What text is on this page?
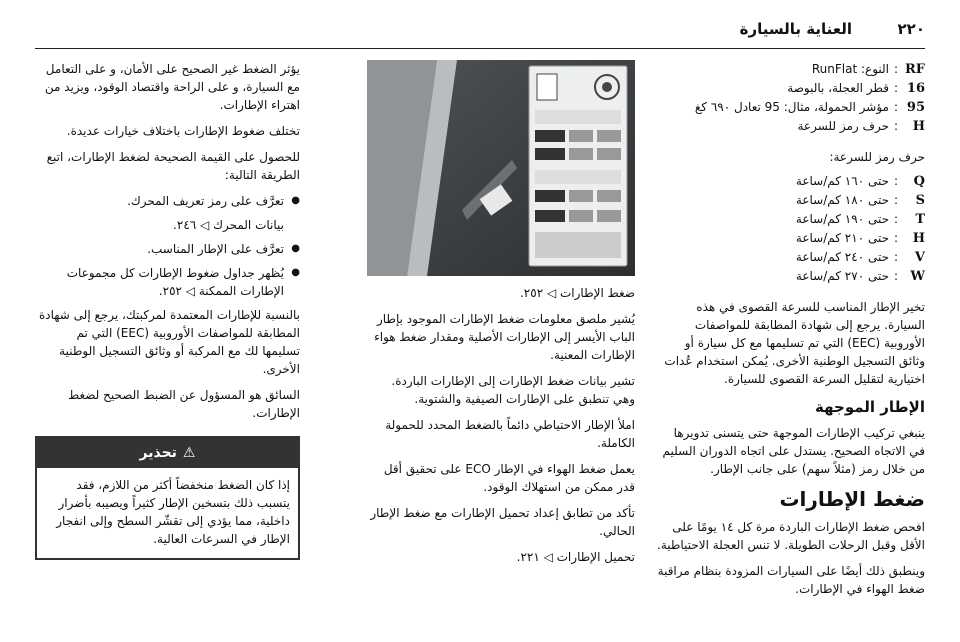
٢٢٠
العناية بالسيارة
RF
:
النوع: RunFlat
16
:
قطر العجلة، بالبوصة
95
:
مؤشر الحمولة، مثال: 95 تعادل ٦٩٠ كغ
H
:
حرف رمز للسرعة

حرف رمز للسرعة:

Q
:
حتى ١٦٠ كم/ساعة
S
:
حتى ١٨٠ كم/ساعة
T
:
حتى ١٩٠ كم/ساعة
H
:
حتى ٢١٠ كم/ساعة
V
:
حتى ٢٤٠ كم/ساعة
W
:
حتى ٢٧٠ كم/ساعة

تخير الإطار المناسب للسرعة القصوى في هذه السيارة. يرجع إلى شهادة المطابقة للمواصفات الأوروبية (EEC) التي تم تسليمها مع كل سيارة أو وثائق التسجيل الوطنية الأخرى. يُمكن استخدام عُدات اختيارية لتقليل السرعة القصوى للسيارة.

الإطار الموجهة

ينبغي تركيب الإطارات الموجهة حتى يتسنى تدويرها في الاتجاه الصحيح. يستدل على اتجاه الدوران السليم من خلال رمز (مثلاً سهم) على جانب الإطار.

ضغط الإطارات

افحص ضغط الإطارات الباردة مرة كل ١٤ يومًا على الأقل وقبل الرحلات الطويلة. لا تنس العجلة الاحتياطية.

وينطبق ذلك أيضًا على السيارات المزودة بنظام مراقبة ضغط الهواء في الإطارات.

ضغط الإطارات ◁ ٢٥٢.

يُشير ملصق معلومات ضغط الإطارات الموجود بإطار الباب الأيسر إلى الإطارات الأصلية ومقدار ضغط هواء الإطارات المعنية.

تشير بيانات ضغط الإطارات إلى الإطارات الباردة. وهي تنطبق على الإطارات الصيفية والشتوية.

املأ الإطار الاحتياطي دائماً بالضغط المحدد للحمولة الكاملة.

يعمل ضغط الهواء في الإطار ECO على تحقيق أقل قدر ممكن من استهلاك الوقود.

تأكد من تطابق إعداد تحميل الإطارات مع ضغط الإطار الحالي.

تحميل الإطارات ◁ ٢٢١.

يؤثر الضغط غير الصحيح على الأمان، و على التعامل مع السيارة، و على الراحة واقتصاد الوقود، ويزيد من اهتراء الإطارات.

تختلف ضغوط الإطارات باختلاف خيارات عديدة.

للحصول على القيمة الصحيحة لضغط الإطارات، اتبع الطريقة التالية:

●
تعرَّف على رمز تعريف المحرك.
بيانات المحرك ◁ ٢٤٦.
●
تعرَّف على الإطار المناسب.
●
يُظهر جداول ضغوط الإطارات كل مجموعات الإطارات الممكنة ◁ ٢٥٢.

بالنسبة للإطارات المعتمدة لمركبتك، يرجع إلى شهادة المطابقة للمواصفات الأوروبية (EEC) التي تم تسليمها لك مع المركبة أو وثائق التسجيل الوطنية الأخرى.

السائق هو المسؤول عن الضبط الصحيح لضغط الإطارات.

⚠
تحذير
إذا كان الضغط منخفضاً أكثر من اللازم، فقد يتسبب ذلك بتسخين الإطار كثيراً ويصيبه بأضرار داخلية، مما يؤدي إلى تقشّر السطح وإلى انفجار الإطار في السرعات العالية.
